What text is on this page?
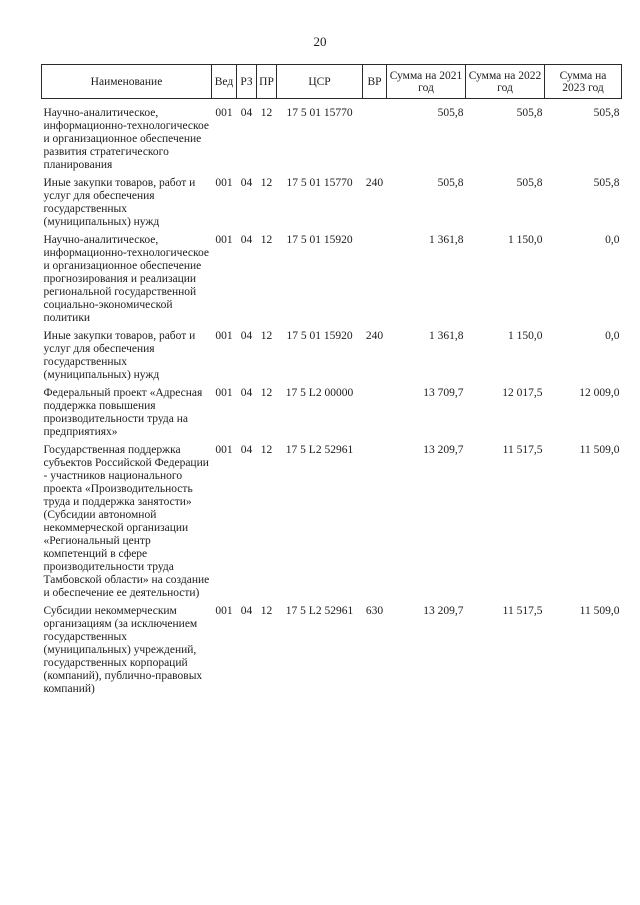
20
Наименование	Вед	РЗ	ПР	ЦСР	ВР	Сумма на 2021 год	Сумма на 2022 год	Сумма на 2023 год

Научно-аналитическое, информационно-технологическое и организационное обеспечение развития стратегического планирования	001	04	12	17 5 01 15770		505,8	505,8	505,8
Иные закупки товаров, работ и услуг для обеспечения государственных (муниципальных) нужд	001	04	12	17 5 01 15770	240	505,8	505,8	505,8
Научно-аналитическое, информационно-технологическое и организационное обеспечение прогнозирования и реализации региональной государственной социально-экономической политики	001	04	12	17 5 01 15920		1 361,8	1 150,0	0,0
Иные закупки товаров, работ и услуг для обеспечения государственных (муниципальных) нужд	001	04	12	17 5 01 15920	240	1 361,8	1 150,0	0,0
Федеральный проект «Адресная поддержка повышения производительности труда на предприятиях»	001	04	12	17 5 L2 00000		13 709,7	12 017,5	12 009,0
Государственная поддержка субъектов Российской Федерации - участников национального проекта «Производительность труда и поддержка занятости» (Субсидии автономной некоммерческой организации «Региональный центр компетенций в сфере производительности труда Тамбовской области» на создание и обеспечение ее деятельности)	001	04	12	17 5 L2 52961		13 209,7	11 517,5	11 509,0
Субсидии некоммерческим организациям (за исключением государственных (муниципальных) учреждений, государственных корпораций (компаний), публично-правовых компаний)	001	04	12	17 5 L2 52961	630	13 209,7	11 517,5	11 509,0
